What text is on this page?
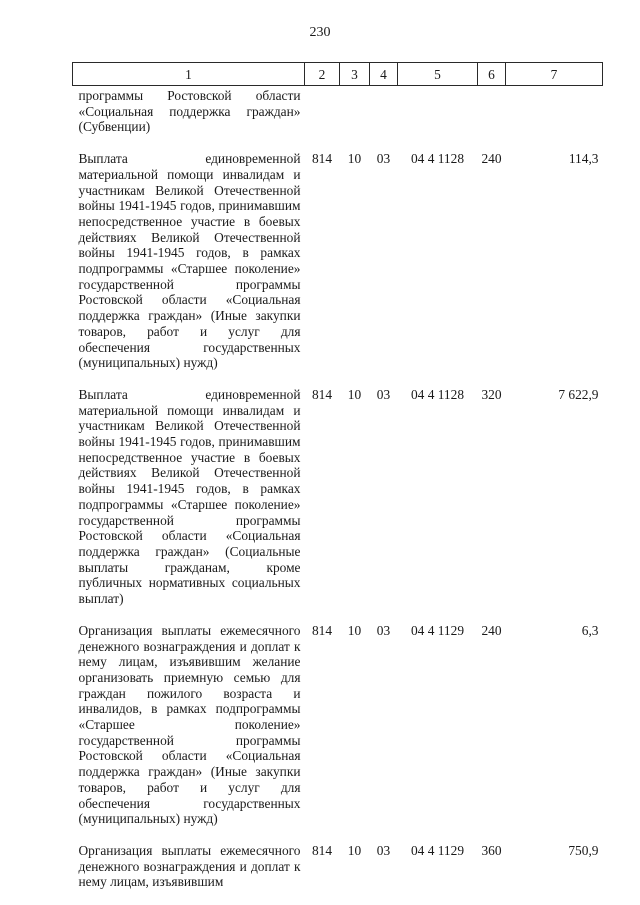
230
1	2	3	4	5	6	7
программы Ростовской области «Социальная поддержка граждан» (Субвенции)						

Выплата единовременной материальной помощи инвалидам и участникам Великой Отечественной войны 1941-1945 годов, принимавшим непосредственное участие в боевых действиях Великой Отечественной войны 1941-1945 годов, в рамках подпрограммы «Старшее поколение» государственной программы Ростовской области «Социальная поддержка граждан» (Иные закупки товаров, работ и услуг для обеспечения государственных (муниципальных) нужд)	814	10	03	04 4 1128	240	114,3

Выплата единовременной материальной помощи инвалидам и участникам Великой Отечественной войны 1941-1945 годов, принимавшим непосредственное участие в боевых действиях Великой Отечественной войны 1941-1945 годов, в рамках подпрограммы «Старшее поколение» государственной программы Ростовской области «Социальная поддержка граждан» (Социальные выплаты гражданам, кроме публичных нормативных социальных выплат)	814	10	03	04 4 1128	320	7 622,9

Организация выплаты ежемесячного денежного вознаграждения и доплат к нему лицам, изъявившим желание организовать приемную семью для граждан пожилого возраста и инвалидов, в рамках подпрограммы «Старшее поколение» государственной программы Ростовской области «Социальная поддержка граждан» (Иные закупки товаров, работ и услуг для обеспечения государственных (муниципальных) нужд)	814	10	03	04 4 1129	240	6,3

Организация выплаты ежемесячного денежного вознаграждения и доплат к нему лицам, изъявившим	814	10	03	04 4 1129	360	750,9
